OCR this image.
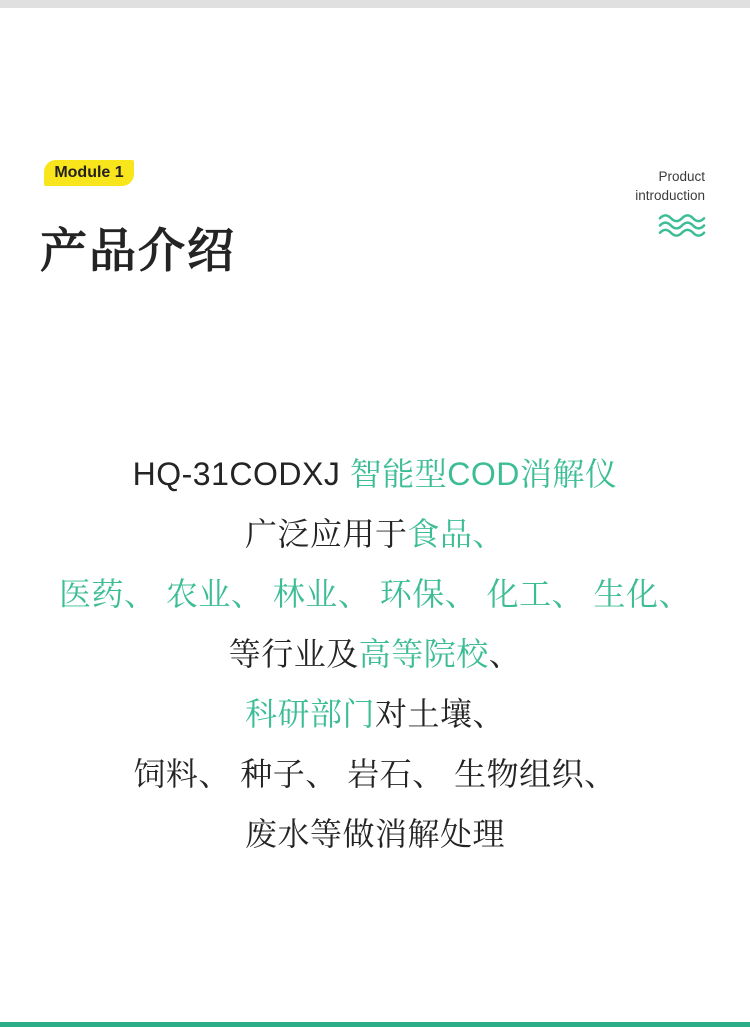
Module 1
产品介绍
Product
introduction
HQ-31CODXJ 智能型COD消解仪
广泛应用于食品、
医药、 农业、 林业、 环保、 化工、 生化、
等行业及高等院校、
科研部门对土壤、
饲料、 种子、 岩石、 生物组织、
废水等做消解处理
